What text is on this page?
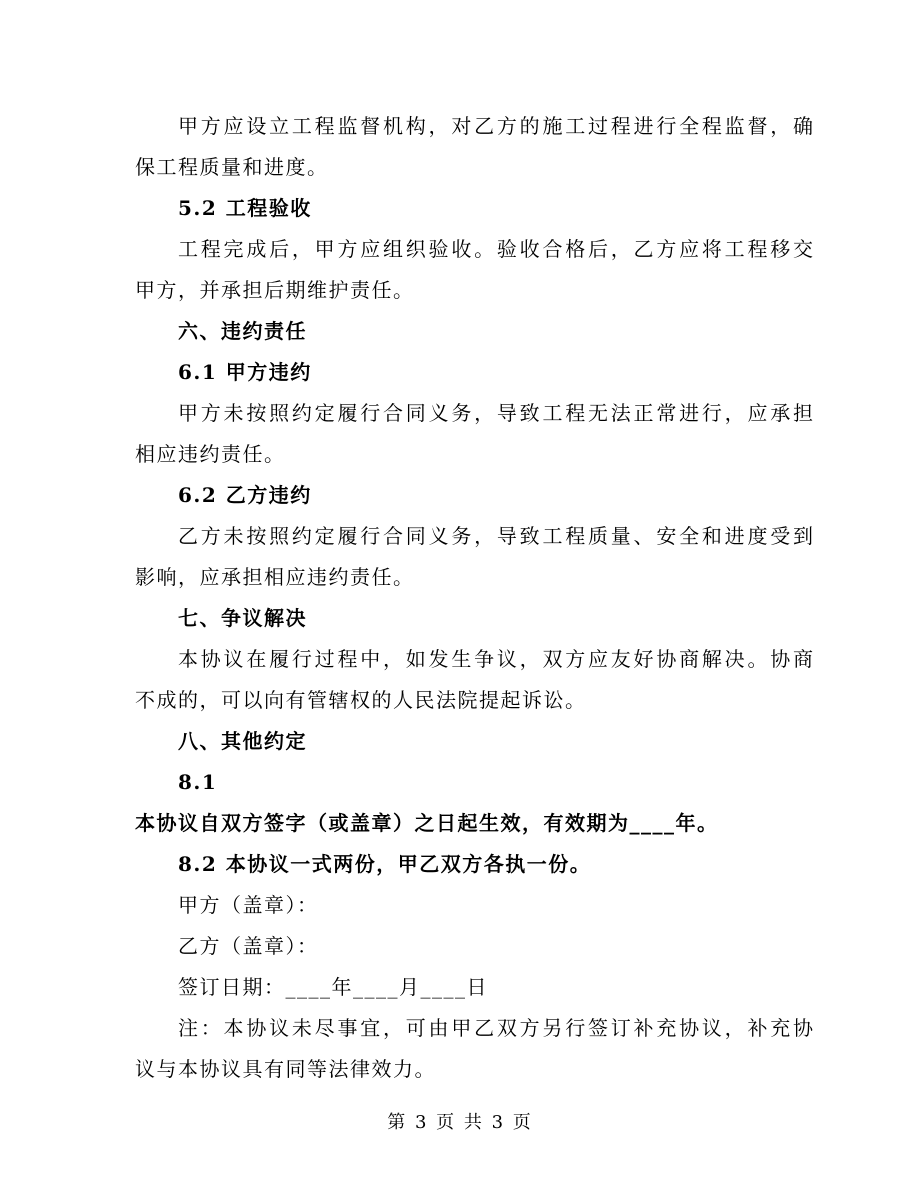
甲方应设立工程监督机构，对乙方的施工过程进行全程监督，确
保工程质量和进度。
5.2 工程验收
工程完成后，甲方应组织验收。验收合格后，乙方应将工程移交
甲方，并承担后期维护责任。
六、违约责任
6.1 甲方违约
甲方未按照约定履行合同义务，导致工程无法正常进行，应承担
相应违约责任。
6.2 乙方违约
乙方未按照约定履行合同义务，导致工程质量、安全和进度受到
影响，应承担相应违约责任。
七、争议解决
本协议在履行过程中，如发生争议，双方应友好协商解决。协商
不成的，可以向有管辖权的人民法院提起诉讼。
八、其他约定
8.1
本协议自双方签字（或盖章）之日起生效，有效期为____年。
8.2 本协议一式两份，甲乙双方各执一份。
甲方（盖章）：
乙方（盖章）：
签订日期：____年____月____日
注：本协议未尽事宜，可由甲乙双方另行签订补充协议，补充协
议与本协议具有同等法律效力。
第 3 页 共 3 页
